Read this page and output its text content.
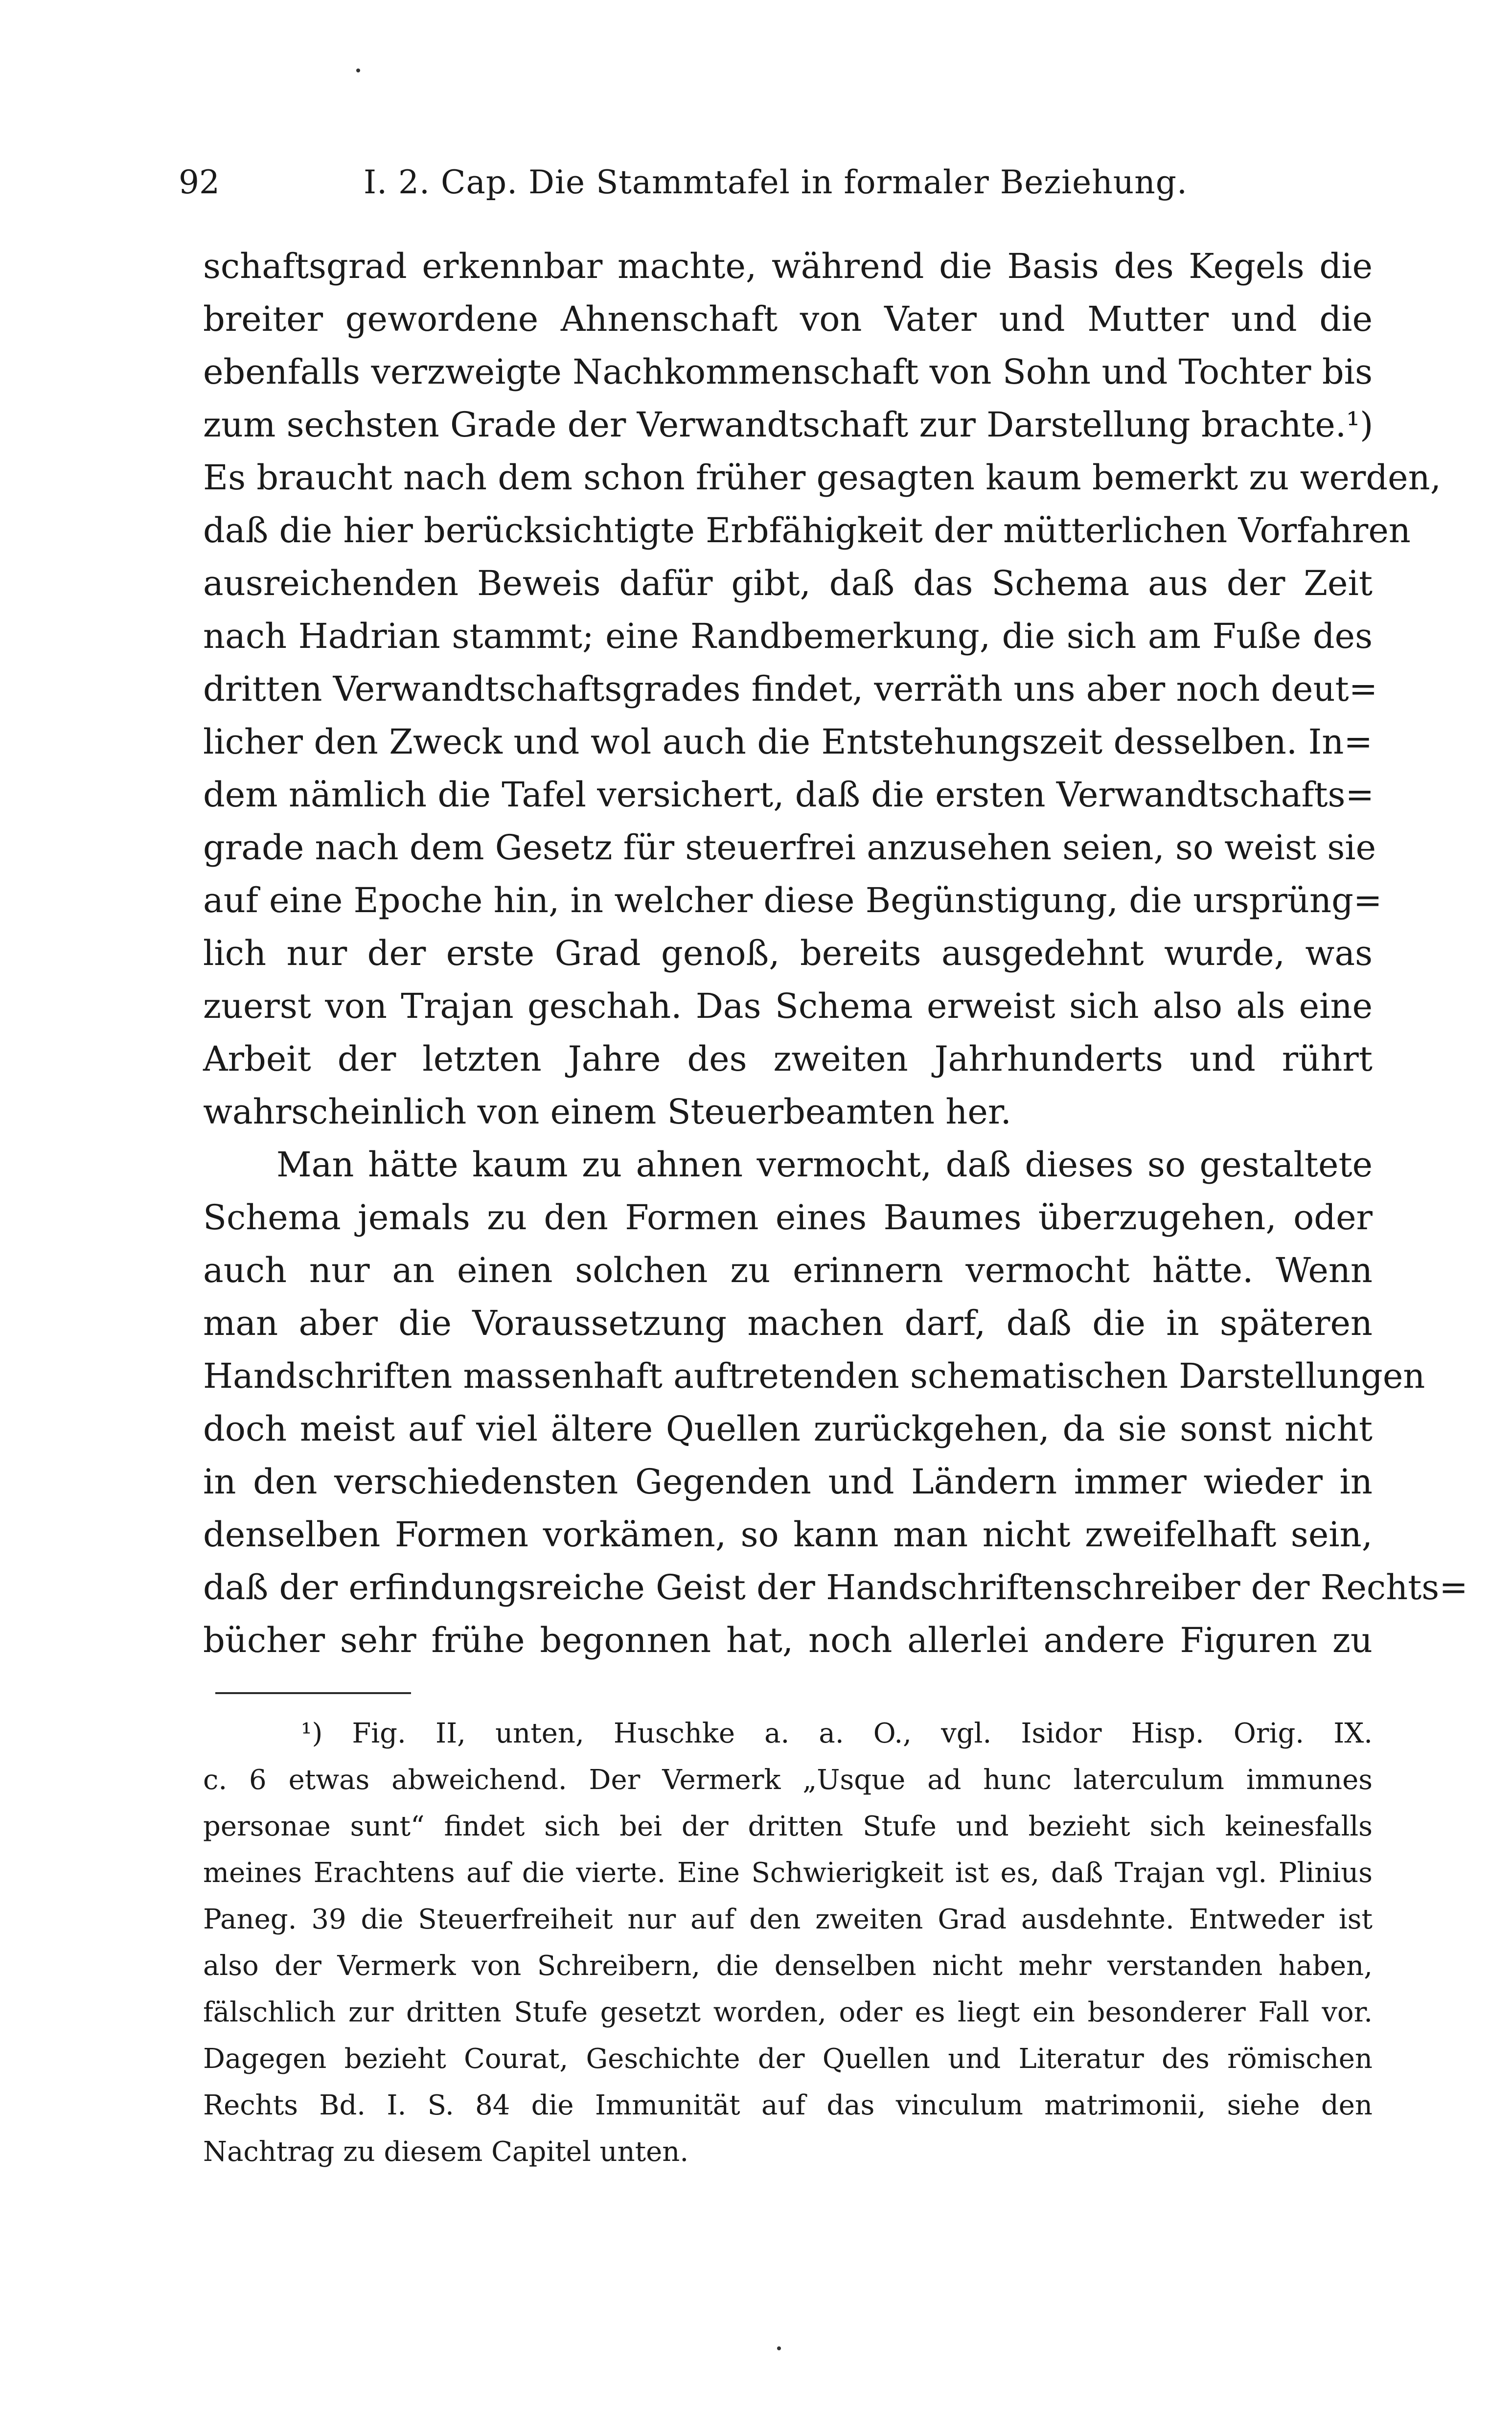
92	I. 2. Cap. Die Stammtafel in formaler Beziehung.
schaftsgrad erkennbar machte, während die Basis des Kegels die
breiter gewordene Ahnenschaft von Vater und Mutter und die
ebenfalls verzweigte Nachkommenschaft von Sohn und Tochter bis
zum sechsten Grade der Verwandtschaft zur Darstellung brachte.¹)
Es braucht nach dem schon früher gesagten kaum bemerkt zu werden,
daß die hier berücksichtigte Erbfähigkeit der mütterlichen Vorfahren
ausreichenden Beweis dafür gibt, daß das Schema aus der Zeit
nach Hadrian stammt; eine Randbemerkung, die sich am Fuße des
dritten Verwandtschaftsgrades findet, verräth uns aber noch deut=
licher den Zweck und wol auch die Entstehungszeit desselben. In=
dem nämlich die Tafel versichert, daß die ersten Verwandtschafts=
grade nach dem Gesetz für steuerfrei anzusehen seien, so weist sie
auf eine Epoche hin, in welcher diese Begünstigung, die ursprüng=
lich nur der erste Grad genoß, bereits ausgedehnt wurde, was
zuerst von Trajan geschah. Das Schema erweist sich also als eine
Arbeit der letzten Jahre des zweiten Jahrhunderts und rührt
wahrscheinlich von einem Steuerbeamten her.
Man hätte kaum zu ahnen vermocht, daß dieses so gestaltete
Schema jemals zu den Formen eines Baumes überzugehen, oder
auch nur an einen solchen zu erinnern vermocht hätte. Wenn
man aber die Voraussetzung machen darf, daß die in späteren
Handschriften massenhaft auftretenden schematischen Darstellungen
doch meist auf viel ältere Quellen zurückgehen, da sie sonst nicht
in den verschiedensten Gegenden und Ländern immer wieder in
denselben Formen vorkämen, so kann man nicht zweifelhaft sein,
daß der erfindungsreiche Geist der Handschriftenschreiber der Rechts=
bücher sehr frühe begonnen hat, noch allerlei andere Figuren zu
¹) Fig. II, unten, Huschke a. a. O., vgl. Isidor Hisp. Orig. IX.
c. 6 etwas abweichend. Der Vermerk „Usque ad hunc laterculum immunes
personae sunt“ findet sich bei der dritten Stufe und bezieht sich keinesfalls
meines Erachtens auf die vierte. Eine Schwierigkeit ist es, daß Trajan vgl. Plinius
Paneg. 39 die Steuerfreiheit nur auf den zweiten Grad ausdehnte. Entweder ist
also der Vermerk von Schreibern, die denselben nicht mehr verstanden haben,
fälschlich zur dritten Stufe gesetzt worden, oder es liegt ein besonderer Fall vor.
Dagegen bezieht Courat, Geschichte der Quellen und Literatur des römischen
Rechts Bd. I. S. 84 die Immunität auf das vinculum matrimonii, siehe den
Nachtrag zu diesem Capitel unten.
